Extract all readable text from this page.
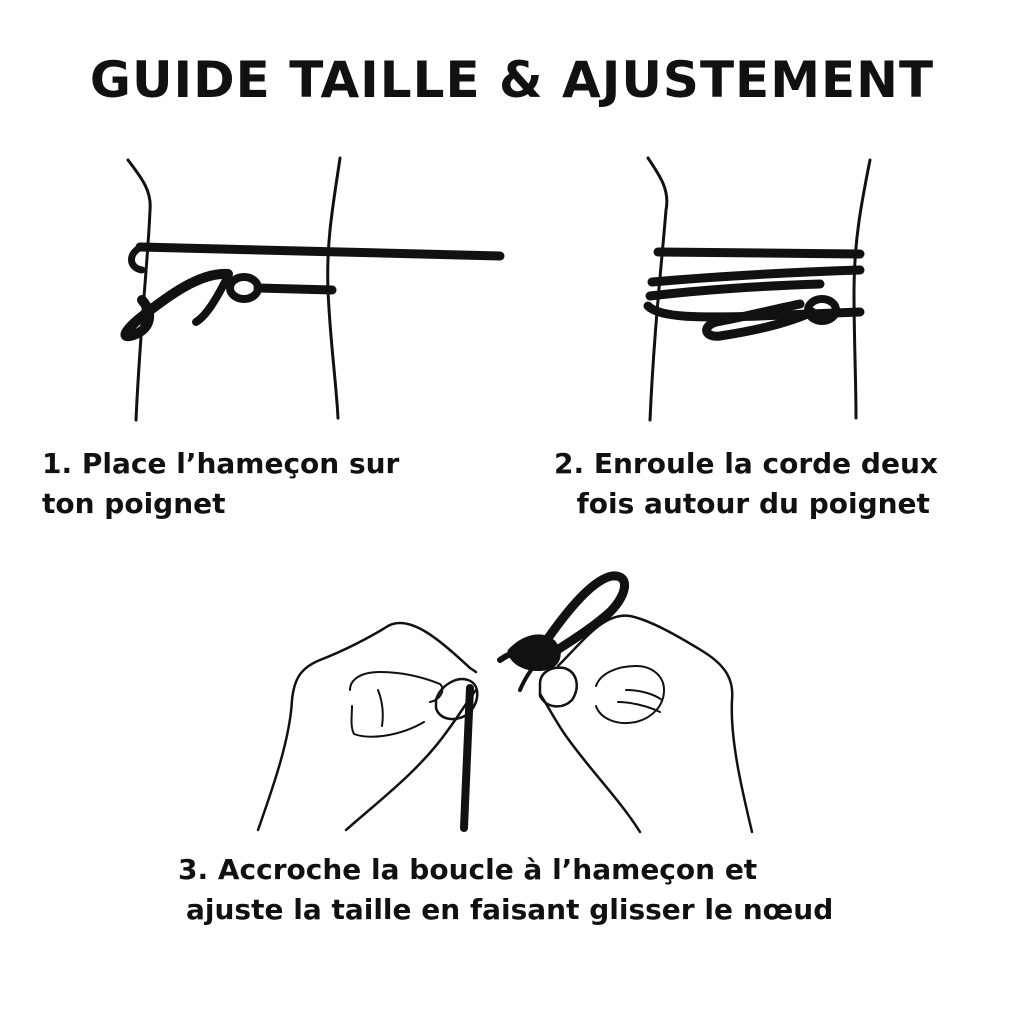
GUIDE TAILLE & AJUSTEMENT
1. Place l’hameçon sur
ton poignet
2. Enroule la corde deux
fois autour du poignet
3. Accroche la boucle à l’hameçon et
ajuste la taille en faisant glisser le nœud
